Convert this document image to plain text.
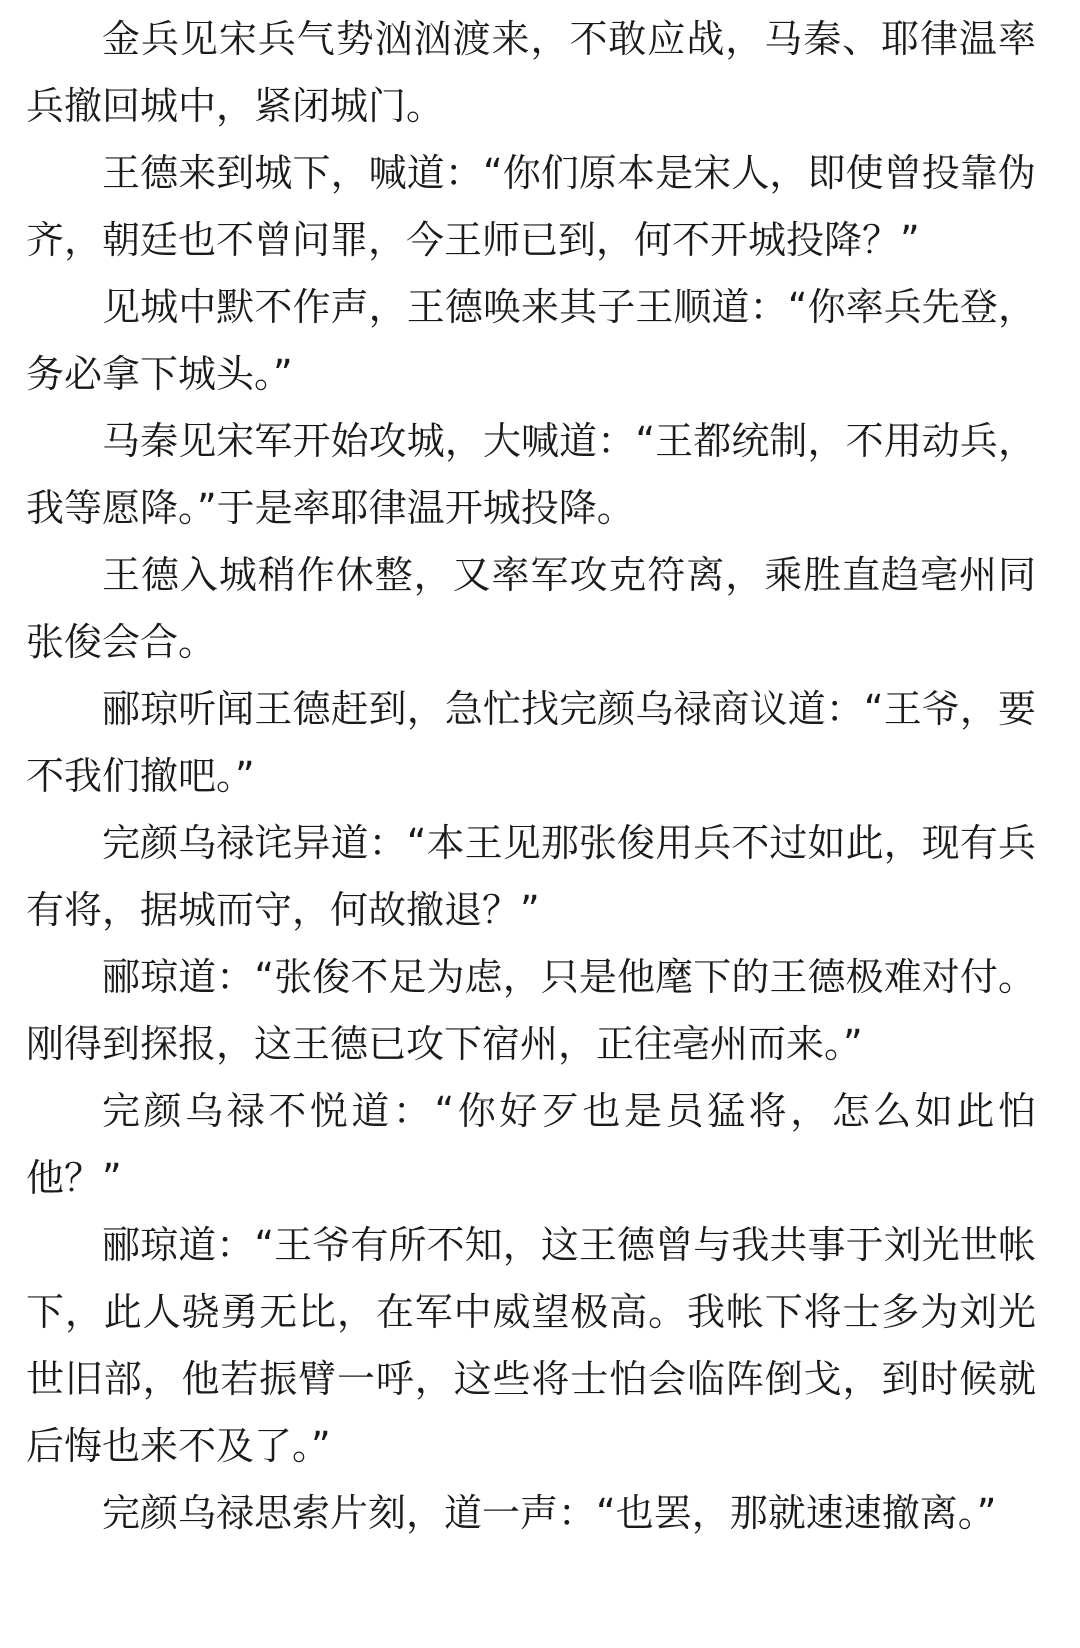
金兵见宋兵气势汹汹渡来，不敢应战，马秦、耶律温率兵撤回城中，紧闭城门。

王德来到城下，喊道：“你们原本是宋人，即使曾投靠伪齐，朝廷也不曾问罪，今王师已到，何不开城投降？”

见城中默不作声，王德唤来其子王顺道：“你率兵先登，务必拿下城头。”

马秦见宋军开始攻城，大喊道：“王都统制，不用动兵，我等愿降。”于是率耶律温开城投降。

王德入城稍作休整，又率军攻克符离，乘胜直趋亳州同张俊会合。

郦琼听闻王德赶到，急忙找完颜乌禄商议道：“王爷，要不我们撤吧。”

完颜乌禄诧异道：“本王见那张俊用兵不过如此，现有兵有将，据城而守，何故撤退？”

郦琼道：“张俊不足为虑，只是他麾下的王德极难对付。刚得到探报，这王德已攻下宿州，正往亳州而来。”

完颜乌禄不悦道：“你好歹也是员猛将，怎么如此怕他？”

郦琼道：“王爷有所不知，这王德曾与我共事于刘光世帐下，此人骁勇无比，在军中威望极高。我帐下将士多为刘光世旧部，他若振臂一呼，这些将士怕会临阵倒戈，到时候就后悔也来不及了。”

完颜乌禄思索片刻，道一声：“也罢，那就速速撤离。”
